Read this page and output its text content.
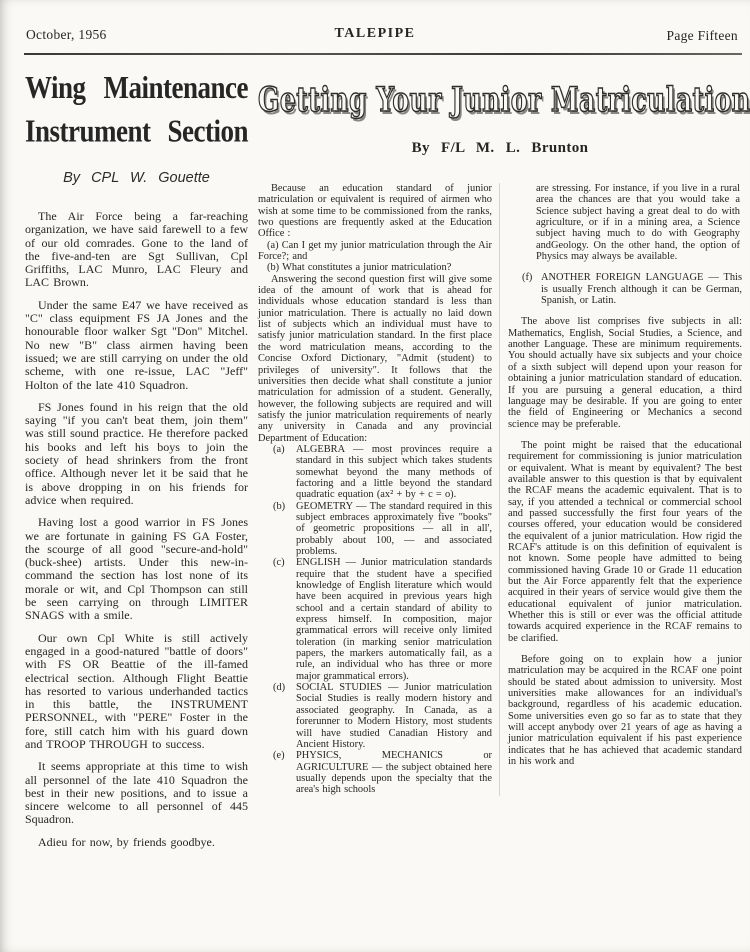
October, 1956	TALEPIPE	Page Fifteen
Wing Maintenance
Instrument Section
By CPL W. Gouette

The Air Force being a far-reaching organization, we have said farewell to a few of our old comrades. Gone to the land of the five-and-ten are Sgt Sullivan, Cpl Griffiths, LAC Munro, LAC Fleury and LAC Brown.

Under the same E47 we have received as "C" class equipment FS JA Jones and the honourable floor walker Sgt "Don" Mitchel. No new "B" class airmen having been issued; we are still carrying on under the old scheme, with one re-issue, LAC "Jeff" Holton of the late 410 Squadron.

FS Jones found in his reign that the old saying "if you can't beat them, join them" was still sound practice. He therefore packed his books and left his boys to join the society of head shrinkers from the front office. Although never let it be said that he is above dropping in on his friends for advice when required.

Having lost a good warrior in FS Jones we are fortunate in gaining FS GA Foster, the scourge of all good "secure-and-hold" (buck-shee) artists. Under this new-in-command the section has lost none of its morale or wit, and Cpl Thompson can still be seen carrying on through LIMITER SNAGS with a smile.

Our own Cpl White is still actively engaged in a good-natured "battle of doors" with FS OR Beattie of the ill-famed electrical section. Although Flight Beattie has resorted to various underhanded tactics in this battle, the INSTRUMENT PERSONNEL, with "PERE" Foster in the fore, still catch him with his guard down and TROOP THROUGH to success.

It seems appropriate at this time to wish all personnel of the late 410 Squadron the best in their new positions, and to issue a sincere welcome to all personnel of 445 Squadron.

Adieu for now, by friends goodbye.

Getting Your Junior Matriculation
By F/L M. L. Brunton

Because an education standard of junior matriculation or equivalent is required of airmen who wish at some time to be commissioned from the ranks, two questions are frequently asked at the Education Office :

(a) Can I get my junior matriculation through the Air Force?; and

(b) What constitutes a junior matriculation?

Answering the second question first will give some idea of the amount of work that is ahead for individuals whose education standard is less than junior matriculation. There is actually no laid down list of subjects which an individual must have to satisfy junior matriculation standard. In the first place the word matriculation means, according to the Concise Oxford Dictionary, "Admit (student) to privileges of university". It follows that the universities then decide what shall constitute a junior matriculation for admission of a student. Generally, however, the following subjects are required and will satisfy the junior matriculation requirements of nearly any university in Canada and any provincial Department of Education:

(a) ALGEBRA — most provinces require a standard in this subject which takes students somewhat beyond the many methods of factoring and a little beyond the standard quadratic equation (ax² + by + c = o).
(b) GEOMETRY — The standard required in this subject embraces approximately five "books" of geometric propositions — all in all', probably about 100, — and associated problems.
(c) ENGLISH — Junior matriculation standards require that the student have a specified knowledge of English literature which would have been acquired in previous years high school and a certain standard of ability to express himself. In composition, major grammatical errors will receive only limited toleration (in marking senior matriculation papers, the markers automatically fail, as a rule, an individual who has three or more major grammatical errors).
(d) SOCIAL STUDIES — Junior matriculation Social Studies is really modern history and associated geography. In Canada, as a forerunner to Modern History, most students will have studied Canadian History and Ancient History.
(e) PHYSICS, MECHANICS or AGRICULTURE — the subject obtained here usually depends upon the specialty that the area's high schools

are stressing. For instance, if you live in a rural area the chances are that you would take a Science subject having a great deal to do with agriculture, or if in a mining area, a Science subject having much to do with Geography andGeology. On the other hand, the option of Physics may always be available.

(f) ANOTHER FOREIGN LANGUAGE — This is usually French although it can be German, Spanish, or Latin.

The above list comprises five subjects in all: Mathematics, English, Social Studies, a Science, and another Language. These are minimum requirements. You should actually have six subjects and your choice of a sixth subject will depend upon your reason for obtaining a junior matriculation standard of education. If you are pursuing a general education, a third language may be desirable. If you are going to enter the field of Engineering or Mechanics a second science may be preferable.

The point might be raised that the educational requirement for commissioning is junior matriculation or equivalent. What is meant by equivalent? The best available answer to this question is that by equivalent the RCAF means the academic equivalent. That is to say, if you attended a technical or commercial school and passed successfully the first four years of the courses offered, your education would be considered the equivalent of a junior matriculation. How rigid the RCAF's attitude is on this definition of equivalent is not known. Some people have admitted to being commissioned having Grade 10 or Grade 11 education but the Air Force apparently felt that the experience acquired in their years of service would give them the educational equivalent of junior matriculation. Whether this is still or ever was the official attitude towards acquired experience in the RCAF remains to be clarified.

Before going on to explain how a junior matriculation may be acquired in the RCAF one point should be stated about admission to university. Most universities make allowances for an individual's background, regardless of his academic education. Some universities even go so far as to state that they will accept anybody over 21 years of age as having a junior matriculation equivalent if his past experience indicates that he has achieved that academic standard in his work and
